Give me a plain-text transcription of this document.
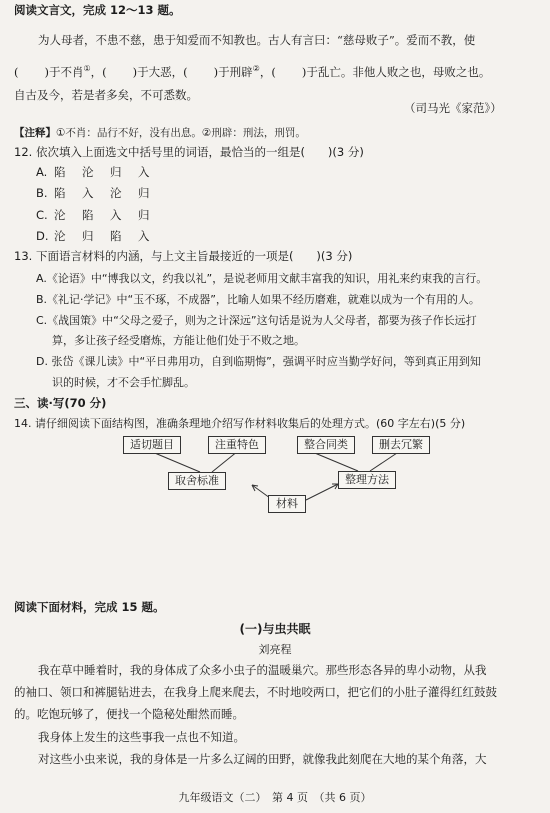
阅读文言文，完成 12～13 题。
为人母者，不患不慈，患于知爱而不知教也。古人有言曰：“慈母败子”。爱而不教，使
( )于不肖①，( )于大恶，( )于刑辟②，( )于乱亡。非他人败之也，母败之也。
自古及今，若是者多矣，不可悉数。
（司马光《家范》）
【注释】①不肖：品行不好，没有出息。②刑辟：刑法，刑罚。
12. 依次填入上面选文中括号里的词语，最恰当的一组是(　　)(3 分)
A. 陷 沦 归 入
B. 陷 入 沦 归
C. 沦 陷 入 归
D. 沦 归 陷 入
13. 下面语言材料的内涵，与上文主旨最接近的一项是(　　)(3 分)
A.《论语》中“博我以文，约我以礼”，是说老师用文献丰富我的知识，用礼来约束我的言行。
B.《礼记·学记》中“玉不琢，不成器”，比喻人如果不经历磨难，就难以成为一个有用的人。
C.《战国策》中“父母之爱子，则为之计深远”这句话是说为人父母者，都要为孩子作长远打
算，多让孩子经受磨炼，方能让他们处于不败之地。
D. 张岱《课儿读》中“平日弗用功，自到临期悔”，强调平时应当勤学好问，等到真正用到知
识的时候，才不会手忙脚乱。
三、读·写(70 分)
14. 请仔细阅读下面结构图，准确条理地介绍写作材料收集后的处理方式。(60 字左右)(5 分)
适切题目	注重特色	整合同类	删去冗繁
取舍标准	整理方法
材料
阅读下面材料，完成 15 题。
(一)与虫共眠
刘亮程
我在草中睡着时，我的身体成了众多小虫子的温暖巢穴。那些形态各异的卑小动物，从我
的袖口、领口和裤腿钻进去，在我身上爬来爬去，不时地咬两口，把它们的小肚子灌得红红鼓鼓
的。吃饱玩够了，便找一个隐秘处酣然而睡。
我身体上发生的这些事我一点也不知道。
对这些小虫来说，我的身体是一片多么辽阔的田野，就像我此刻爬在大地的某个角落，大
九年级语文（二）　 第 4 页　 （共 6 页）
